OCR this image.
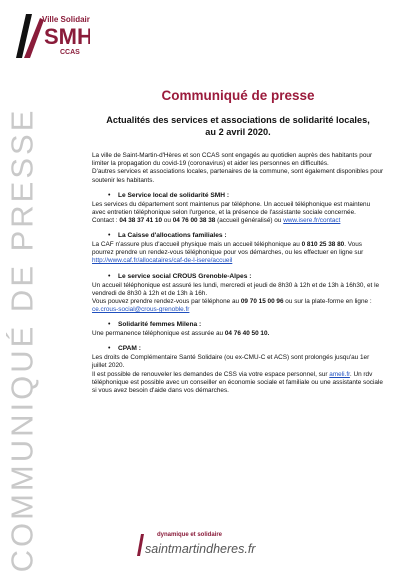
Ville Solidaire
SMH
CCAS
COMMUNIQUÉ DE PRESSE
Communiqué de presse
Actualités des services et associations de solidarité locales,
au 2 avril 2020.
La ville de Saint-Martin-d'Hères et son CCAS sont engagés au quotidien auprès des habitants pour limiter la propagation du covid-19 (coronavirus) et aider les personnes en difficultés.
D'autres services et associations locales, partenaires de la commune, sont également disponibles pour soutenir les habitants.
•	Le Service local de solidarité SMH :
Les services du département sont maintenus par téléphone. Un accueil téléphonique est maintenu avec entretien téléphonique selon l'urgence, et la présence de l'assistante sociale concernée.
Contact : 04 38 37 41 10 ou 04 76 00 38 38 (accueil généralisé) ou www.isere.fr/contact
•	La Caisse d'allocations familiales :
La CAF n'assure plus d'accueil physique mais un accueil téléphonique au 0 810 25 38 80. Vous pourrez prendre un rendez-vous téléphonique pour vos démarches, ou les effectuer en ligne sur http://www.caf.fr/allocataires/caf-de-l-isere/accueil
•	Le service social CROUS Grenoble-Alpes :
Un accueil téléphonique est assuré les lundi, mercredi et jeudi de 8h30 à 12h et de 13h à 16h30, et le vendredi de 8h30 à 12h et de 13h à 16h.
Vous pouvez prendre rendez-vous par téléphone au 09 70 15 00 96 ou sur la plate-forme en ligne : ce.crous-social@crous-grenoble.fr
•	Solidarité femmes Milena :
Une permanence téléphonique est assurée au 04 76 40 50 10.
•	CPAM :
Les droits de Complémentaire Santé Solidaire (ou ex-CMU-C et ACS) sont prolongés jusqu'au 1er juillet 2020.
Il est possible de renouveler les demandes de CSS via votre espace personnel, sur ameli.fr. Un rdv téléphonique est possible avec un conseiller en économie sociale et familiale ou une assistante sociale si vous avez besoin d'aide dans vos démarches.
dynamique et solidaire
saintmartindheres.fr
